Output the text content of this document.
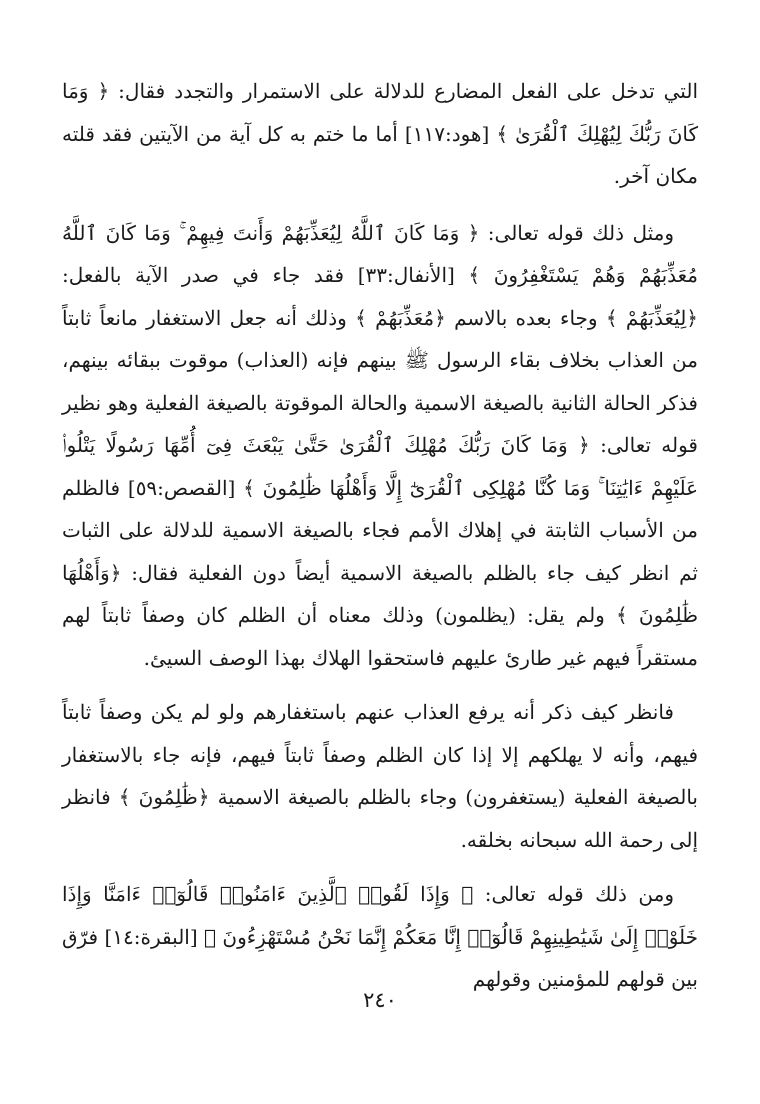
التي تدخل على الفعل المضارع للدلالة على الاستمرار والتجدد فقال: ﴿ وَمَا كَانَ رَبُّكَ لِيُهْلِكَ ٱلْقُرَىٰ ﴾ [هود:١١٧] أما ما ختم به كل آية من الآيتين فقد قلته مكان آخر.

ومثل ذلك قوله تعالى: ﴿ وَمَا كَانَ ٱللَّهُ لِيُعَذِّبَهُمْ وَأَنتَ فِيهِمْ ۚ وَمَا كَانَ ٱللَّهُ مُعَذِّبَهُمْ وَهُمْ يَسْتَغْفِرُونَ ﴾ [الأنفال:٣٣] فقد جاء في صدر الآية بالفعل: ﴿لِيُعَذِّبَهُمْ ﴾ وجاء بعده بالاسم ﴿مُعَذِّبَهُمْ ﴾ وذلك أنه جعل الاستغفار مانعاً ثابتاً من العذاب بخلاف بقاء الرسول ﷺ بينهم فإنه (العذاب) موقوت ببقائه بينهم، فذكر الحالة الثانية بالصيغة الاسمية والحالة الموقوتة بالصيغة الفعلية وهو نظير قوله تعالى: ﴿ وَمَا كَانَ رَبُّكَ مُهْلِكَ ٱلْقُرَىٰ حَتَّىٰ يَبْعَثَ فِىٓ أُمِّهَا رَسُولًا يَتْلُوا۟ عَلَيْهِمْ ءَايَٰتِنَا ۚ وَمَا كُنَّا مُهْلِكِى ٱلْقُرَىٰٓ إِلَّا وَأَهْلُهَا ظَٰلِمُونَ ﴾ [القصص:٥٩] فالظلم من الأسباب الثابتة في إهلاك الأمم فجاء بالصيغة الاسمية للدلالة على الثبات ثم انظر كيف جاء بالظلم بالصيغة الاسمية أيضاً دون الفعلية فقال: ﴿وَأَهْلُهَا ظَٰلِمُونَ ﴾ ولم يقل: (يظلمون) وذلك معناه أن الظلم كان وصفاً ثابتاً لهم مستقراً فيهم غير طارئ عليهم فاستحقوا الهلاك بهذا الوصف السيئ.

فانظر كيف ذكر أنه يرفع العذاب عنهم باستغفارهم ولو لم يكن وصفاً ثابتاً فيهم، وأنه لا يهلكهم إلا إذا كان الظلم وصفاً ثابتاً فيهم، فإنه جاء بالاستغفار بالصيغة الفعلية (يستغفرون) وجاء بالظلم بالصيغة الاسمية ﴿ظَٰلِمُونَ ﴾ فانظر إلى رحمة الله سبحانه بخلقه.

ومن ذلك قوله تعالى: ﴿ وَإِذَا لَقُوا۟ ٱلَّذِينَ ءَامَنُوا۟ قَالُوٓا۟ ءَامَنَّا وَإِذَا خَلَوْا۟ إِلَىٰ شَيَٰطِينِهِمْ قَالُوٓا۟ إِنَّا مَعَكُمْ إِنَّمَا نَحْنُ مُسْتَهْزِءُونَ ﴾ [البقرة:١٤] فرّق بين قولهم للمؤمنين وقولهم

٢٤٠
